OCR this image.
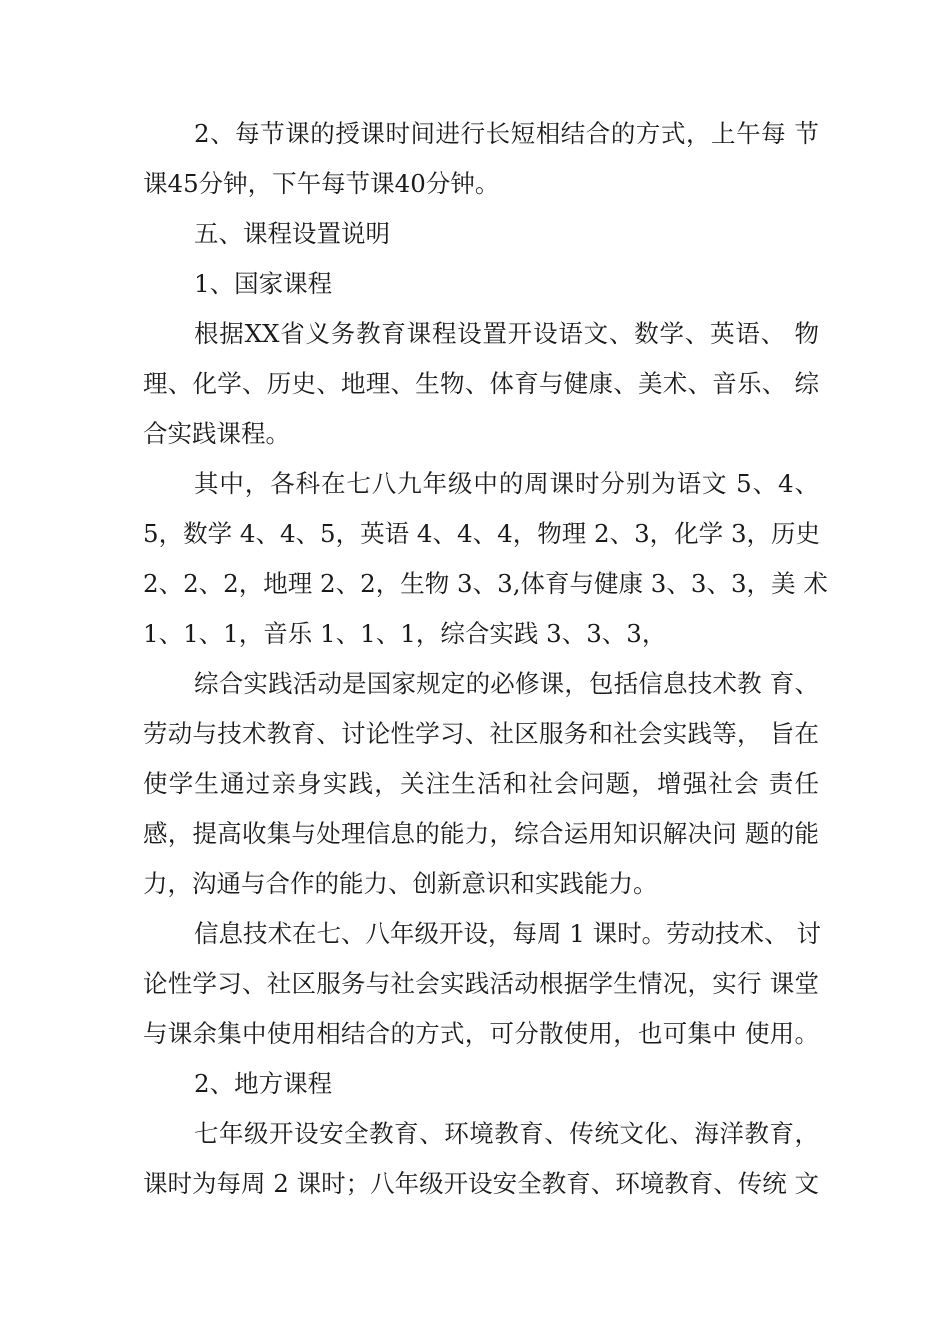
2、每节课的授课时间进行长短相结合的方式，上午每 节
课45分钟，下午每节课40分钟。
五、课程设置说明
1、国家课程
根据XX省义务教育课程设置开设语文、数学、英语、 物
理、化学、历史、地理、生物、体育与健康、美术、音乐、 综
合实践课程。
其中，各科在七八九年级中的周课时分别为语文 5、4、
5，数学 4、4、5，英语 4、4、4，物理 2、3，化学 3，历史
2、2、2，地理 2、2，生物 3、3,体育与健康 3、3、3，美 术
1、1、1，音乐 1、1、1，综合实践 3、3、3，
综合实践活动是国家规定的必修课，包括信息技术教 育、
劳动与技术教育、讨论性学习、社区服务和社会实践等， 旨在
使学生通过亲身实践，关注生活和社会问题，增强社会 责任
感，提高收集与处理信息的能力，综合运用知识解决问 题的能
力，沟通与合作的能力、创新意识和实践能力。
信息技术在七、八年级开设，每周 1 课时。劳动技术、 讨
论性学习、社区服务与社会实践活动根据学生情况，实行 课堂
与课余集中使用相结合的方式，可分散使用，也可集中 使用。
2、地方课程
七年级开设安全教育、环境教育、传统文化、海洋教育，
课时为每周 2 课时；八年级开设安全教育、环境教育、传统 文
